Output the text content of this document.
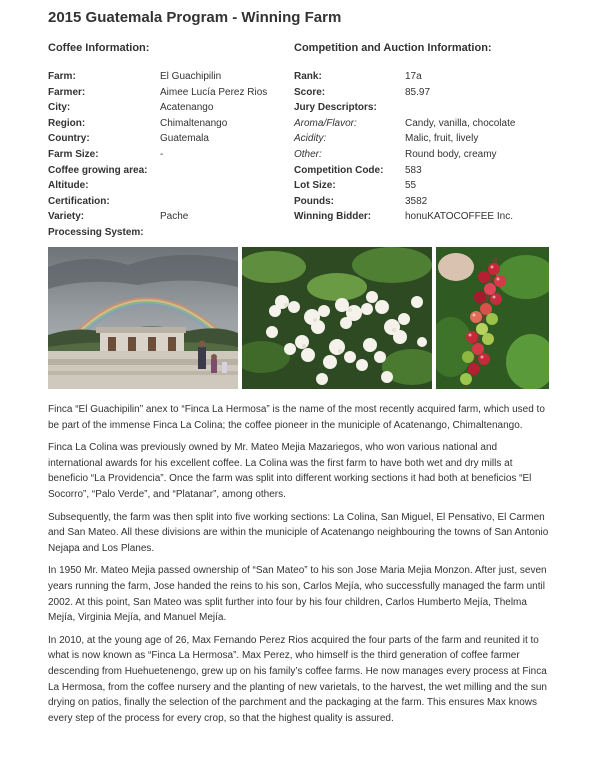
2015 Guatemala Program - Winning Farm
Coffee Information:	Competition and Auction Information:
Farm:	El Guachipilin
Farmer:	Aimee Lucía Perez Rios
City:	Acatenango
Region:	Chimaltenango
Country:	Guatemala
Farm Size:	-
Coffee growing area:
Altitude:
Certification:
Variety:	Pache
Processing System:
Rank:	17a
Score:	85.97
Jury Descriptors:
Aroma/Flavor:	Candy, vanilla, chocolate
Acidity:	Malic, fruit, lively
Other:	Round body, creamy
Competition Code: 583
Lot Size:	55
Pounds:	3582
Winning Bidder:	honuKATOCOFFEE Inc.

Finca “El Guachipilin” anex to “Finca La Hermosa” is the name of the most recently acquired farm, which used to be part of the immense Finca La Colina; the coffee pioneer in the municiple of Acatenango, Chimaltenango.

Finca La Colina was previously owned by Mr. Mateo Mejia Mazariegos, who won various national and international awards for his excellent coffee. La Colina was the first farm to have both wet and dry mills at beneficio “La Providencia”. Once the farm was split into different working sections it had both at beneficios “El Socorro”, “Palo Verde”, and “Platanar”, among others.

Subsequently, the farm was then split into five working sections: La Colina, San Miguel, El Pensativo, El Carmen and San Mateo. All these divisions are within the municiple of Acatenango neighbouring the towns of San Antonio Nejapa and Los Planes.

In 1950 Mr. Mateo Mejia passed ownership of “San Mateo” to his son Jose Maria Mejia Monzon. After just, seven years running the farm, Jose handed the reins to his son, Carlos Mejía, who successfully managed the farm until 2002. At this point, San Mateo was split further into four by his four children, Carlos Humberto Mejía, Thelma Mejía, Virginia Mejía, and Manuel Mejía.

In 2010, at the young age of 26, Max Fernando Perez Rios acquired the four parts of the farm and reunited it to what is now known as “Finca La Hermosa”. Max Perez, who himself is the third generation of coffee farmer descending from Huehuetenengo, grew up on his family’s coffee farms. He now manages every process at Finca La Hermosa, from the coffee nursery and the planting of new varietals, to the harvest, the wet milling and the sun drying on patios, finally the selection of the parchment and the packaging at the farm. This ensures Max knows every step of the process for every crop, so that the highest quality is assured.
